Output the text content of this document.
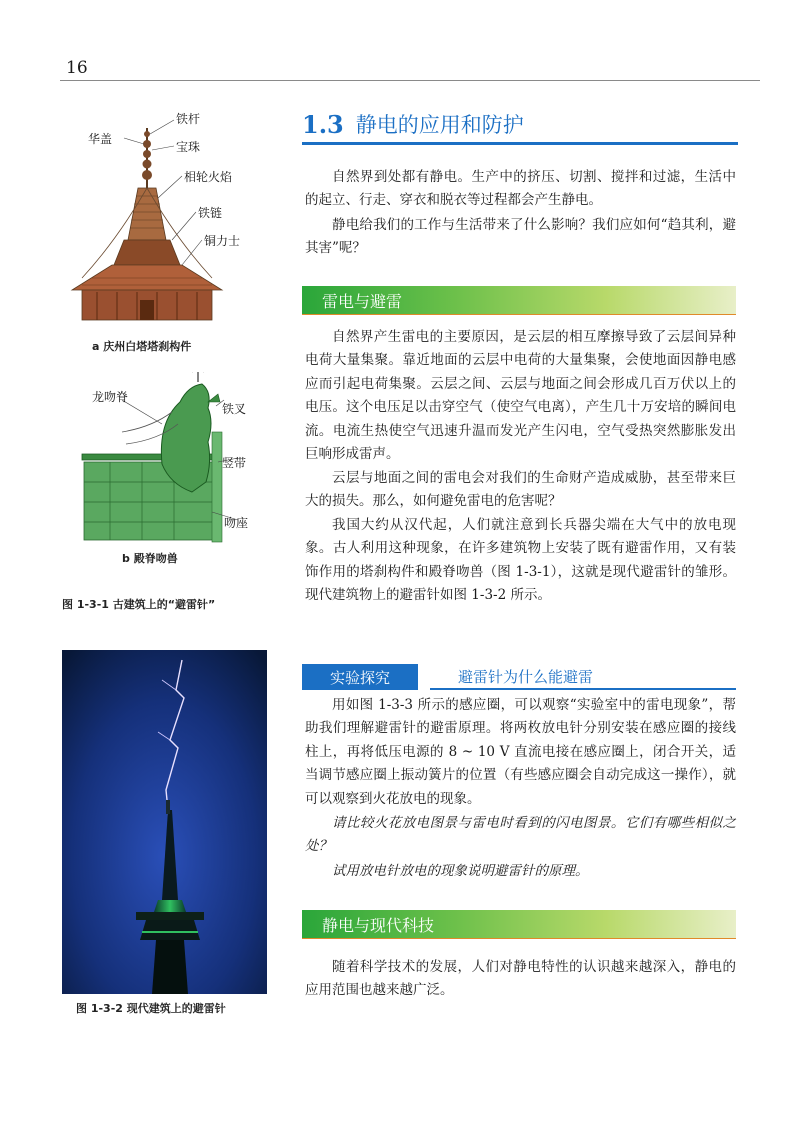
16
铁杆
华盖
宝珠
相轮火焰
铁链
铜力士
a 庆州白塔塔刹构件
龙吻脊
铁叉
竖带
吻座
b 殿脊吻兽
图 1-3-1 古建筑上的“避雷针”
图 1-3-2 现代建筑上的避雷针
1.3 静电的应用和防护

自然界到处都有静电。生产中的挤压、切割、搅拌和过滤，生活中的起立、行走、穿衣和脱衣等过程都会产生静电。

静电给我们的工作与生活带来了什么影响？我们应如何“趋其利，避其害”呢？

雷电与避雷

自然界产生雷电的主要原因，是云层的相互摩擦导致了云层间异种电荷大量集聚。靠近地面的云层中电荷的大量集聚，会使地面因静电感应而引起电荷集聚。云层之间、云层与地面之间会形成几百万伏以上的电压。这个电压足以击穿空气（使空气电离），产生几十万安培的瞬间电流。电流生热使空气迅速升温而发光产生闪电，空气受热突然膨胀发出巨响形成雷声。

云层与地面之间的雷电会对我们的生命财产造成威胁，甚至带来巨大的损失。那么，如何避免雷电的危害呢？

我国大约从汉代起，人们就注意到长兵器尖端在大气中的放电现象。古人利用这种现象，在许多建筑物上安装了既有避雷作用，又有装饰作用的塔刹构件和殿脊吻兽（图 1-3-1），这就是现代避雷针的雏形。现代建筑物上的避雷针如图 1-3-2 所示。

实验探究	避雷针为什么能避雷

用如图 1-3-3 所示的感应圈，可以观察“实验室中的雷电现象”，帮助我们理解避雷针的避雷原理。将两枚放电针分别安装在感应圈的接线柱上，再将低压电源的 8 ~ 10 V 直流电接在感应圈上，闭合开关，适当调节感应圈上振动簧片的位置（有些感应圈会自动完成这一操作），就可以观察到火花放电的现象。

请比较火花放电图景与雷电时看到的闪电图景。它们有哪些相似之处？

试用放电针放电的现象说明避雷针的原理。

静电与现代科技

随着科学技术的发展，人们对静电特性的认识越来越深入，静电的应用范围也越来越广泛。
